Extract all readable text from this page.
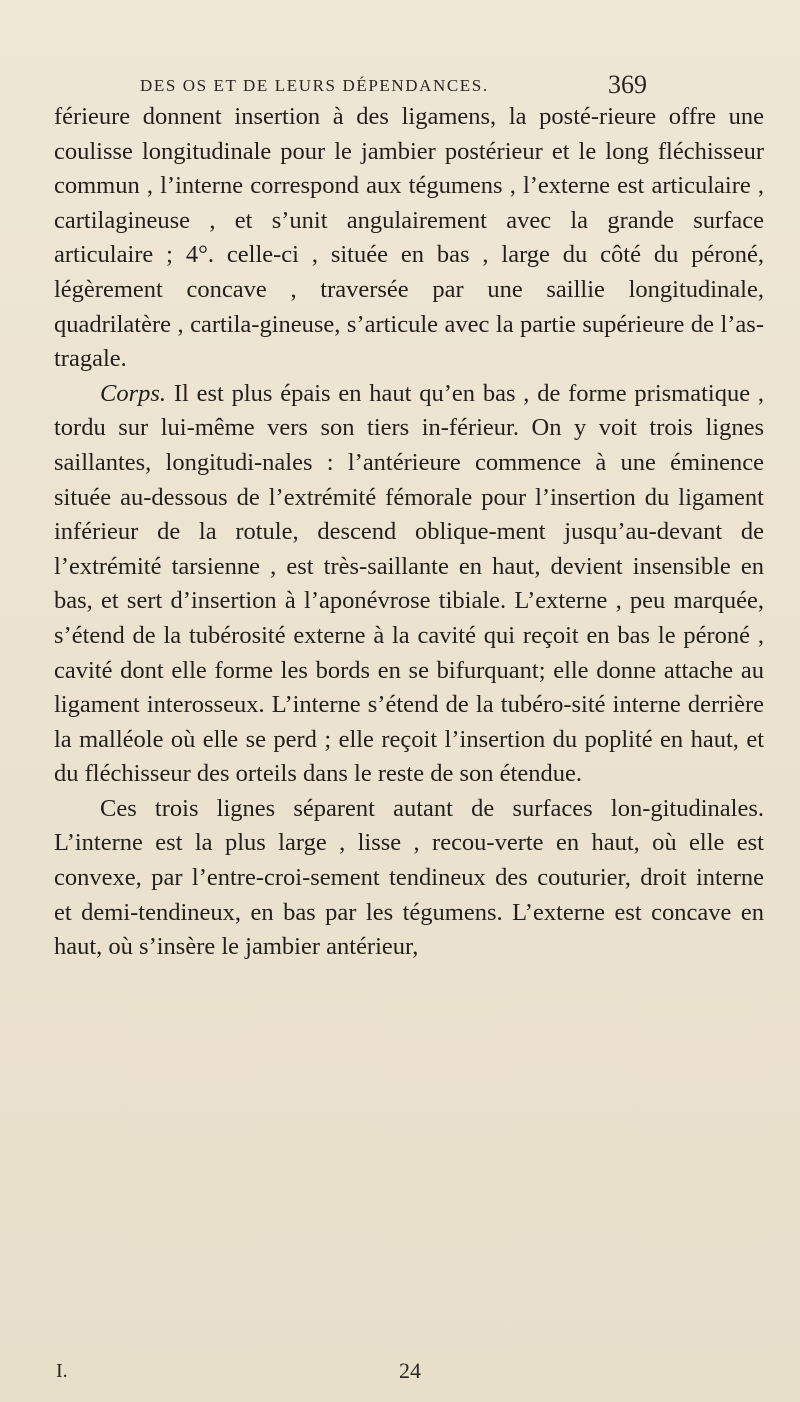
DES OS ET DE LEURS DÉPENDANCES.	369

férieure donnent insertion à des ligamens, la posté-rieure offre une coulisse longitudinale pour le jambier postérieur et le long fléchisseur commun , l’interne correspond aux tégumens , l’externe est articulaire , cartilagineuse , et s’unit angulairement avec la grande surface articulaire ; 4°. celle-ci , située en bas , large du côté du péroné, légèrement concave , traversée par une saillie longitudinale, quadrilatère , cartila-gineuse, s’articule avec la partie supérieure de l’as-tragale.

Corps. Il est plus épais en haut qu’en bas , de forme prismatique , tordu sur lui-même vers son tiers in-férieur. On y voit trois lignes saillantes, longitudi-nales : l’antérieure commence à une éminence située au-dessous de l’extrémité fémorale pour l’insertion du ligament inférieur de la rotule, descend oblique-ment jusqu’au-devant de l’extrémité tarsienne , est très-saillante en haut, devient insensible en bas, et sert d’insertion à l’aponévrose tibiale. L’externe , peu marquée, s’étend de la tubérosité externe à la cavité qui reçoit en bas le péroné , cavité dont elle forme les bords en se bifurquant; elle donne attache au ligament interosseux. L’interne s’étend de la tubéro-sité interne derrière la malléole où elle se perd ; elle reçoit l’insertion du poplité en haut, et du fléchisseur des orteils dans le reste de son étendue.

Ces trois lignes séparent autant de surfaces lon-gitudinales. L’interne est la plus large , lisse , recou-verte en haut, où elle est convexe, par l’entre-croi-sement tendineux des couturier, droit interne et demi-tendineux, en bas par les tégumens. L’externe est concave en haut, où s’insère le jambier antérieur,

I.	24
